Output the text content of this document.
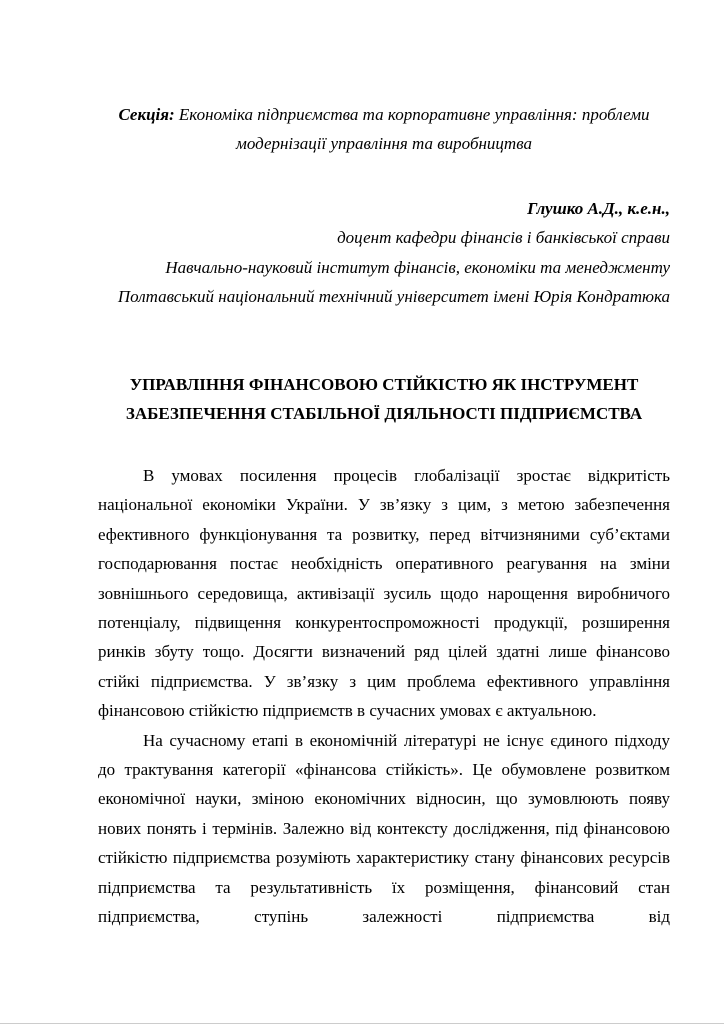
Секція: Економіка підприємства та корпоративне управління: проблеми модернізації управління та виробництва

Глушко А.Д., к.е.н.,

доцент кафедри фінансів і банківської справи

Навчально-науковий інститут фінансів, економіки та менеджменту

Полтавський національний технічний університет імені Юрія Кондратюка

УПРАВЛІННЯ ФІНАНСОВОЮ СТІЙКІСТЮ ЯК ІНСТРУМЕНТ ЗАБЕЗПЕЧЕННЯ СТАБІЛЬНОЇ ДІЯЛЬНОСТІ ПІДПРИЄМСТВА

В умовах посилення процесів глобалізації зростає відкритість національної економіки України. У зв’язку з цим, з метою забезпечення ефективного функціонування та розвитку, перед вітчизняними суб’єктами господарювання постає необхідність оперативного реагування на зміни зовнішнього середовища, активізації зусиль щодо нарощення виробничого потенціалу, підвищення конкурентоспроможності продукції, розширення ринків збуту тощо. Досягти визначений ряд цілей здатні лише фінансово стійкі підприємства. У зв’язку з цим проблема ефективного управління фінансовою стійкістю підприємств в сучасних умовах є актуальною.

На сучасному етапі в економічній літературі не існує єдиного підходу до трактування категорії «фінансова стійкість». Це обумовлене розвитком економічної науки, зміною економічних відносин, що зумовлюють появу нових понять і термінів. Залежно від контексту дослідження, під фінансовою стійкістю підприємства розуміють характеристику стану фінансових ресурсів підприємства та результативність їх розміщення, фінансовий стан підприємства, ступінь залежності підприємства від
